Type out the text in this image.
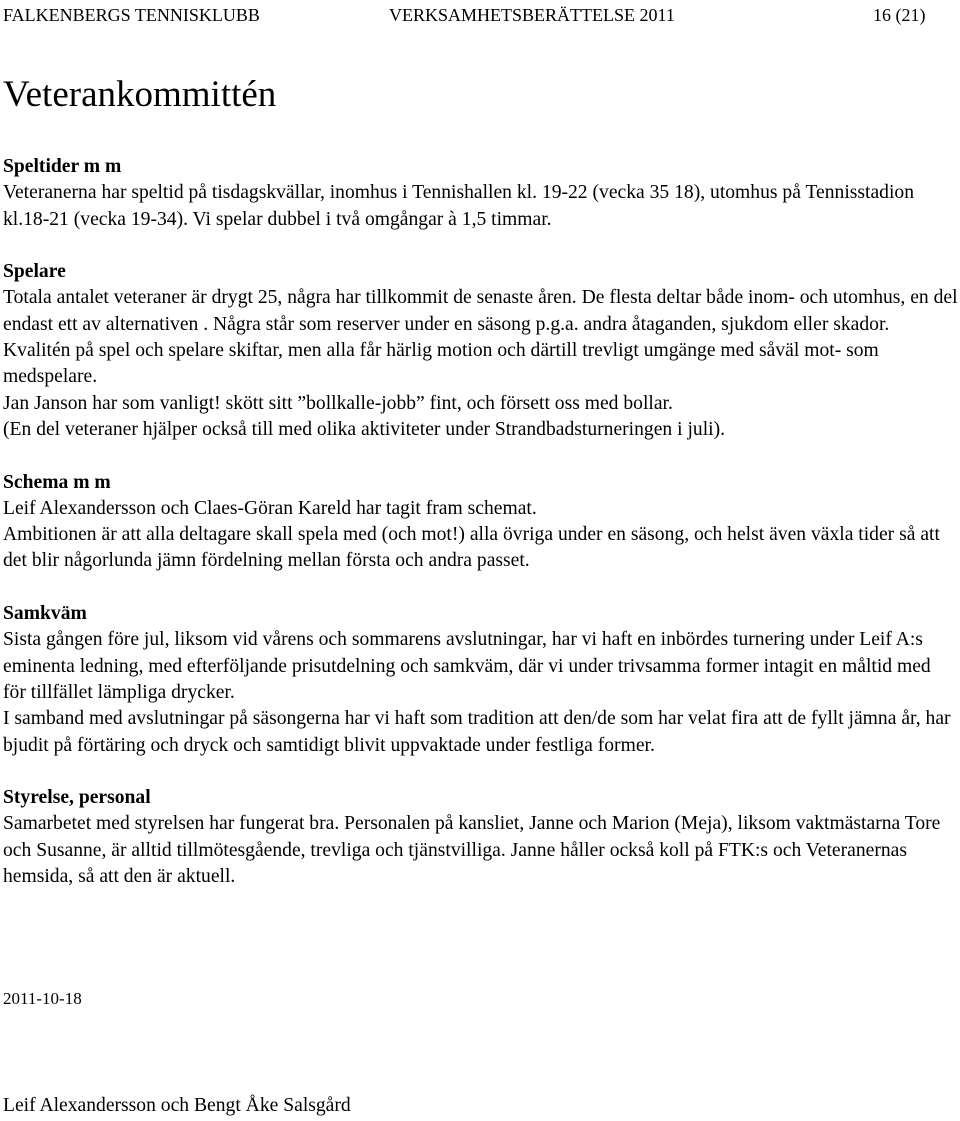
FALKENBERGS TENNISKLUBB	VERKSAMHETSBERÄTTELSE 2011	16 (21)
Veterankommittén
Speltider m m

Veteranerna har speltid på tisdagskvällar, inomhus i Tennishallen kl. 19-22 (vecka 35 18), utomhus på Tennisstadion kl.18-21 (vecka 19-34). Vi spelar dubbel i två omgångar à 1,5 timmar.

Spelare

Totala antalet veteraner är drygt 25, några har tillkommit de senaste åren. De flesta deltar både inom- och utomhus, en del endast ett av alternativen . Några står som reserver under en säsong p.g.a. andra åtaganden, sjukdom eller skador.

Kvalitén på spel och spelare skiftar, men alla får härlig motion och därtill trevligt umgänge med såväl mot- som medspelare.

Jan Janson har som vanligt! skött sitt ”bollkalle-jobb” fint, och försett oss med bollar.

(En del veteraner hjälper också till med olika aktiviteter under Strandbadsturneringen i juli).

Schema m m

Leif Alexandersson och Claes-Göran Kareld har tagit fram schemat.

Ambitionen är att alla deltagare skall spela med (och mot!) alla övriga under en säsong, och helst även växla tider så att det blir någorlunda jämn fördelning mellan första och andra passet.

Samkväm

Sista gången före jul, liksom vid vårens och sommarens avslutningar, har vi haft en inbördes turnering under Leif A:s eminenta ledning, med efterföljande prisutdelning och samkväm, där vi under trivsamma former intagit en måltid med för tillfället lämpliga drycker.

I samband med avslutningar på säsongerna har vi haft som tradition att den/de som har velat fira att de fyllt jämna år, har bjudit på förtäring och dryck och samtidigt blivit uppvaktade under festliga former.

Styrelse, personal

Samarbetet med styrelsen har fungerat bra. Personalen på kansliet, Janne och Marion (Meja), liksom vaktmästarna Tore och Susanne, är alltid tillmötesgående, trevliga och tjänstvilliga. Janne håller också koll på FTK:s och Veteranernas hemsida, så att den är aktuell.

2011-10-18
Leif Alexandersson och Bengt Åke Salsgård
